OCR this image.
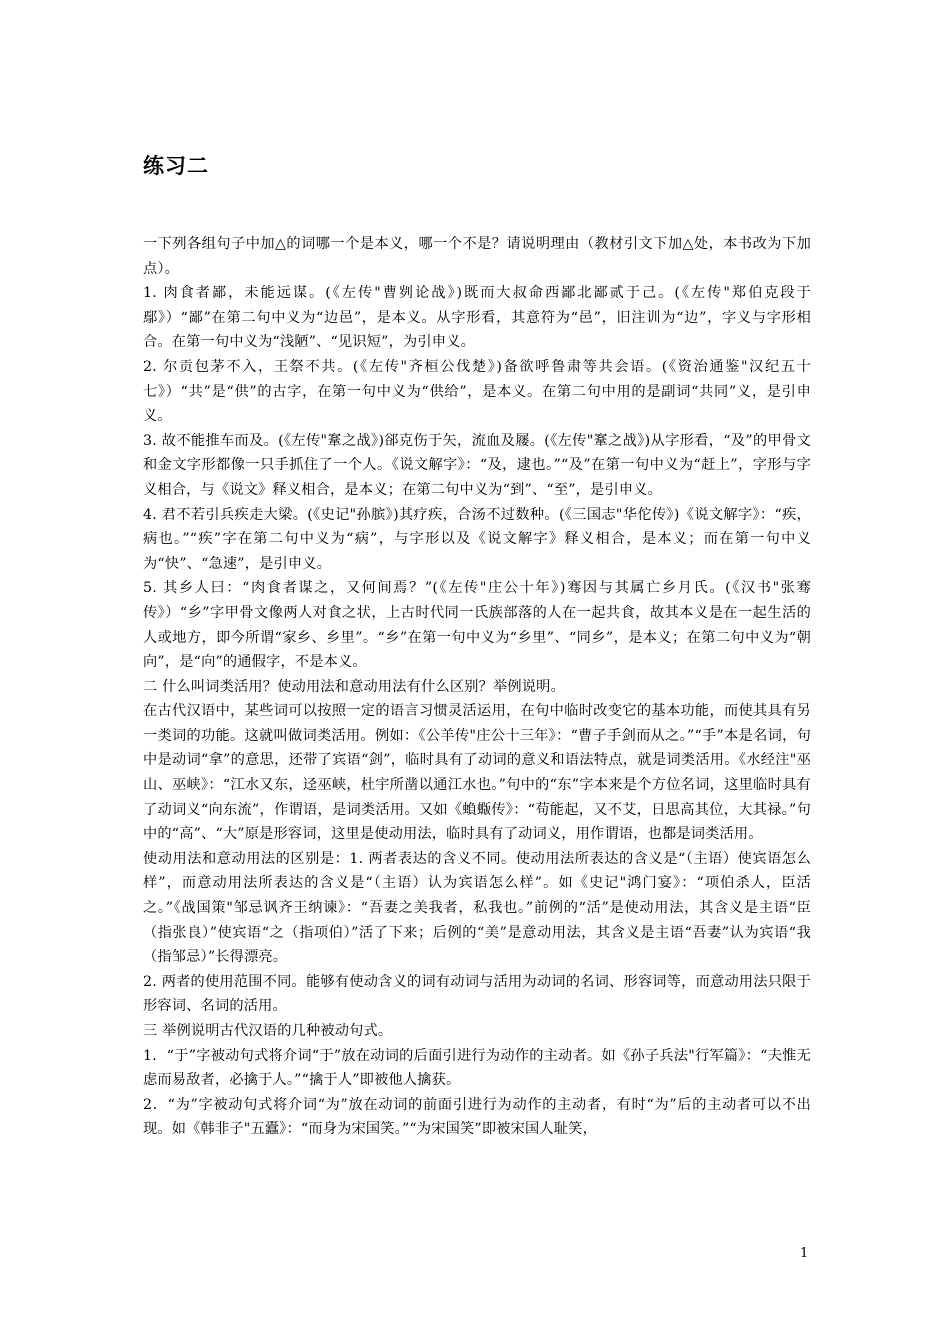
练习二

一下列各组句子中加△的词哪一个是本义，哪一个不是？请说明理由（教材引文下加△处，本书改为下加点）。

1. 肉食者鄙，未能远谋。(《左传"曹刿论战》)既而大叔命西鄙北鄙贰于己。(《左传"郑伯克段于鄢》）“鄙”在第二句中义为“边邑”，是本义。从字形看，其意符为“邑”，旧注训为“边”，字义与字形相合。在第一句中义为“浅陋”、“见识短”，为引申义。

2. 尔贡包茅不入，王祭不共。(《左传"齐桓公伐楚》)备欲呼鲁肃等共会语。(《资治通鉴"汉纪五十七》）“共”是“供”的古字，在第一句中义为“供给”，是本义。在第二句中用的是副词“共同”义，是引申义。

3. 故不能推车而及。(《左传"鞌之战》)郤克伤于矢，流血及屦。(《左传"鞌之战》)从字形看，“及”的甲骨文和金文字形都像一只手抓住了一个人。《说文解字》：“及，逮也。”“及”在第一句中义为“赶上”，字形与字义相合，与《说文》释义相合，是本义；在第二句中义为“到”、“至”，是引申义。

4. 君不若引兵疾走大梁。(《史记"孙膑》)其疗疾，合汤不过数种。(《三国志"华佗传》)《说文解字》：“疾，病也。”“疾”字在第二句中义为“病”，与字形以及《说文解字》释义相合，是本义；而在第一句中义为“快”、“急速”，是引申义。

5. 其乡人曰：“肉食者谋之，又何间焉？”(《左传"庄公十年》)骞因与其属亡乡月氏。(《汉书"张骞传》）“乡”字甲骨文像两人对食之状，上古时代同一氏族部落的人在一起共食，故其本义是在一起生活的人或地方，即今所谓“家乡、乡里”。“乡”在第一句中义为“乡里”、“同乡”，是本义；在第二句中义为“朝向”，是“向”的通假字，不是本义。

二 什么叫词类活用？使动用法和意动用法有什么区别？举例说明。

在古代汉语中，某些词可以按照一定的语言习惯灵活运用，在句中临时改变它的基本功能，而使其具有另一类词的功能。这就叫做词类活用。例如：《公羊传"庄公十三年》：“曹子手剑而从之。”“手”本是名词，句中是动词“拿”的意思，还带了宾语“剑”，临时具有了动词的意义和语法特点，就是词类活用。《水经注"巫山、巫峡》：“江水又东，迳巫峡，杜宇所凿以通江水也。”句中的“东”字本来是个方位名词，这里临时具有了动词义“向东流”，作谓语，是词类活用。又如《蝜蝂传》：“苟能起，又不艾，日思高其位，大其禄。”句中的“高”、“大”原是形容词，这里是使动用法，临时具有了动词义，用作谓语，也都是词类活用。

使动用法和意动用法的区别是：1. 两者表达的含义不同。使动用法所表达的含义是“（主语）使宾语怎么样”，而意动用法所表达的含义是“（主语）认为宾语怎么样”。如《史记"鸿门宴》：“项伯杀人，臣活之。”《战国策"邹忌讽齐王纳谏》：“吾妻之美我者，私我也。”前例的“活”是使动用法，其含义是主语“臣（指张良）”使宾语“之（指项伯）”活了下来；后例的“美”是意动用法，其含义是主语“吾妻”认为宾语“我（指邹忌）”长得漂亮。

2. 两者的使用范围不同。能够有使动含义的词有动词与活用为动词的名词、形容词等，而意动用法只限于形容词、名词的活用。

三 举例说明古代汉语的几种被动句式。

1．“于”字被动句式将介词“于”放在动词的后面引进行为动作的主动者。如《孙子兵法"行军篇》：“夫惟无虑而易敌者，必擒于人。”“擒于人”即被他人擒获。

2．“为”字被动句式将介词“为”放在动词的前面引进行为动作的主动者，有时“为”后的主动者可以不出现。如《韩非子"五蠹》：“而身为宋国笑。”“为宋国笑”即被宋国人耻笑，

1
